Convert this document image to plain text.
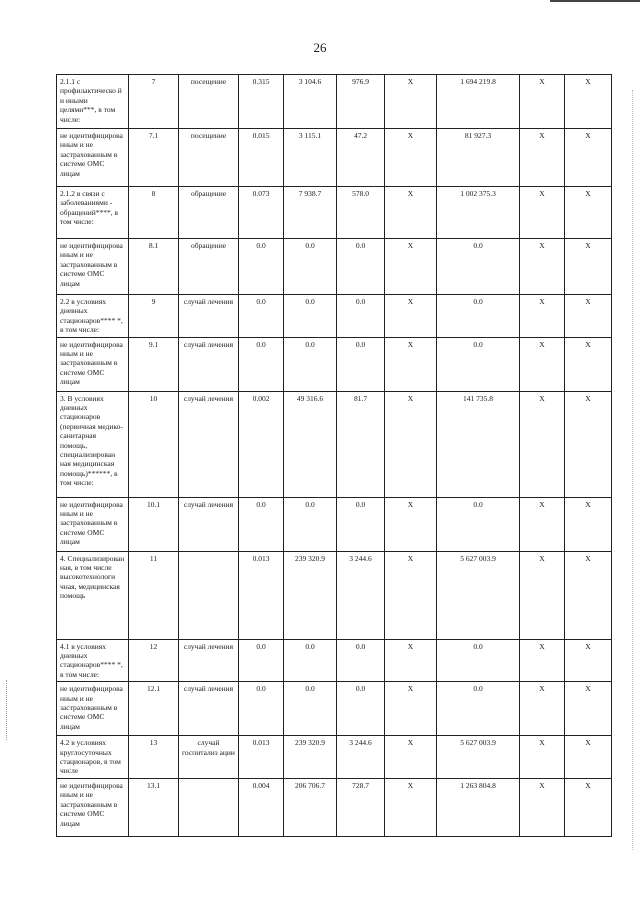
26
2.1.1 с профилактическо й и иными целями***, в том числе:	7	посещение	0.315	3 104.6	976.9	X	1 694 219.8	X	X
не идентифицирова нным и не застрахованным в системе ОМС лицам	7.1	посещение	0.015	3 115.1	47.2	X	81 927.3	X	X
2.1.2 в связи с заболеваниями - обращений****, в том числе:	8	обращение	0.073	7 938.7	578.0	X	1 002 375.3	X	X
не идентифицирова нным и не застрахованным в системе ОМС лицам	8.1	обращение	0.0	0.0	0.0	X	0.0	X	X
2.2 в условиях дневных стационаров**** *, в том числе:	9	случай лечения	0.0	0.0	0.0	X	0.0	X	X
не идентифицирова нным и не застрахованным в системе ОМС лицам	9.1	случай лечения	0.0	0.0	0.0	X	0.0	X	X
3. В условиях дневных стационаров (первичная медико-санитарная помощь, специализирован ная медицинская помощь)******, в том числе:	10	случай лечения	0.002	49 316.6	81.7	X	141 735.8	X	X
не идентифицирова нным и не застрахованным в системе ОМС лицам	10.1	случай лечения	0.0	0.0	0.0	X	0.0	X	X
4. Специализирован ная, в том числе высокотехнологи чная, медицинская помощь	11		0.013	239 320.9	3 244.6	X	5 627 003.9	X	X
4.1 в условиях дневных стационаров**** *, в том числе:	12	случай лечения	0.0	0.0	0.0	X	0.0	X	X
не идентифицирова нным и не застрахованным в системе ОМС лицам	12.1	случай лечения	0.0	0.0	0.0	X	0.0	X	X
4.2 в условиях круглосуточных стационаров, в том числе	13	случай госпитализ ации	0.013	239 320.9	3 244.6	X	5 627 003.9	X	X
не идентифицирова нным и не застрахованным в системе ОМС лицам	13.1		0.004	206 706.7	728.7	X	1 263 804.8	X	X
